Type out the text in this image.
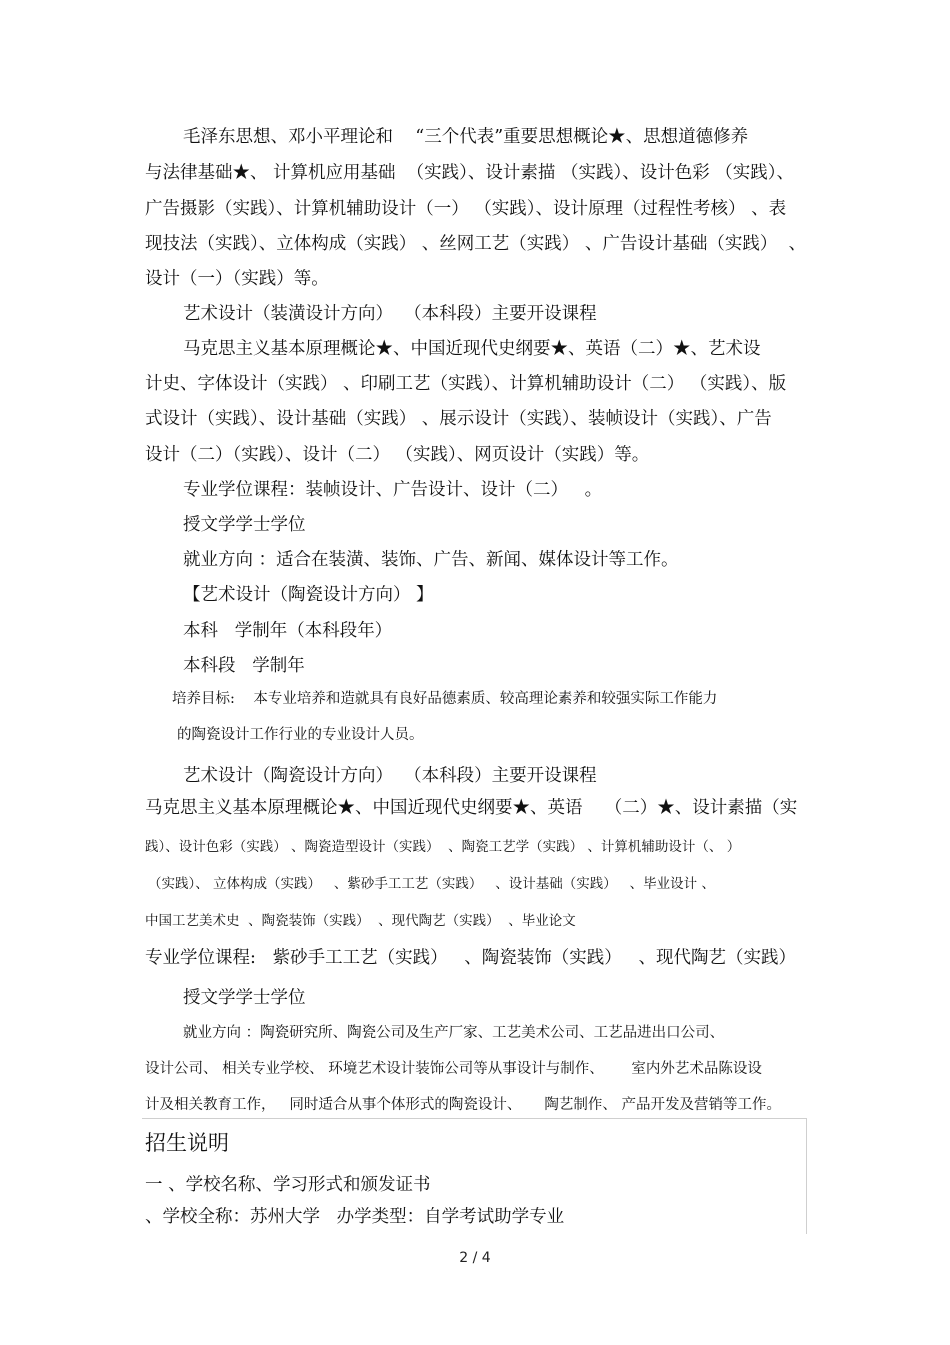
毛泽东思想、邓小平理论和    “三个代表”重要思想概论★、思想道德修养
与法律基础★、 计算机应用基础  （实践）、设计素描 （实践）、设计色彩 （实践）、
广告摄影（实践）、计算机辅助设计（一） （实践）、设计原理（过程性考核） 、表
现技法（实践）、立体构成（实践） 、丝网工艺（实践） 、广告设计基础（实践）  、
设计（一）（实践）等。
艺术设计（装潢设计方向）  （本科段）主要开设课程
马克思主义基本原理概论★、中国近现代史纲要★、英语（二）★、艺术设
计史、字体设计（实践） 、印刷工艺（实践）、计算机辅助设计（二） （实践）、版
式设计（实践）、设计基础（实践） 、展示设计（实践）、装帧设计（实践）、广告
设计（二）（实践）、设计（二） （实践）、网页设计（实践）等。
专业学位课程：装帧设计、广告设计、设计（二）   。
授文学学士学位
就业方向 ：适合在装潢、装饰、广告、新闻、媒体设计等工作。
【艺术设计（陶瓷设计方向） 】
本科   学制年（本科段年）
本科段   学制年
培养目标:    本专业培养和造就具有良好品德素质、较高理论素养和较强实际工作能力
的陶瓷设计工作行业的专业设计人员。
艺术设计（陶瓷设计方向）  （本科段）主要开设课程
马克思主义基本原理概论★、中国近现代史纲要★、英语    （二）★、设计素描（实
践）、设计色彩（实践） 、陶瓷造型设计（实践）  、陶瓷工艺学（实践） 、计算机辅助设计（、 ）
（实践）、 立体构成（实践）   、紫砂手工工艺（实践）   、设计基础（实践）   、毕业设计 、
中国工艺美术史  、陶瓷装饰（实践）  、现代陶艺（实践）  、毕业论文
专业学位课程:   紫砂手工工艺（实践）   、陶瓷装饰（实践）   、现代陶艺（实践）
授文学学士学位
就业方向 ：陶瓷研究所、陶瓷公司及生产厂家、工艺美术公司、工艺品进出口公司、
设计公司、 相关专业学校、 环境艺术设计装饰公司等从事设计与制作、      室内外艺术品陈设设
计及相关教育工作，   同时适合从事个体形式的陶瓷设计、     陶艺制作、 产品开发及营销等工作。
招生说明
一 、学校名称、学习形式和颁发证书
、学校全称：苏州大学   办学类型：自学考试助学专业
2 / 4
